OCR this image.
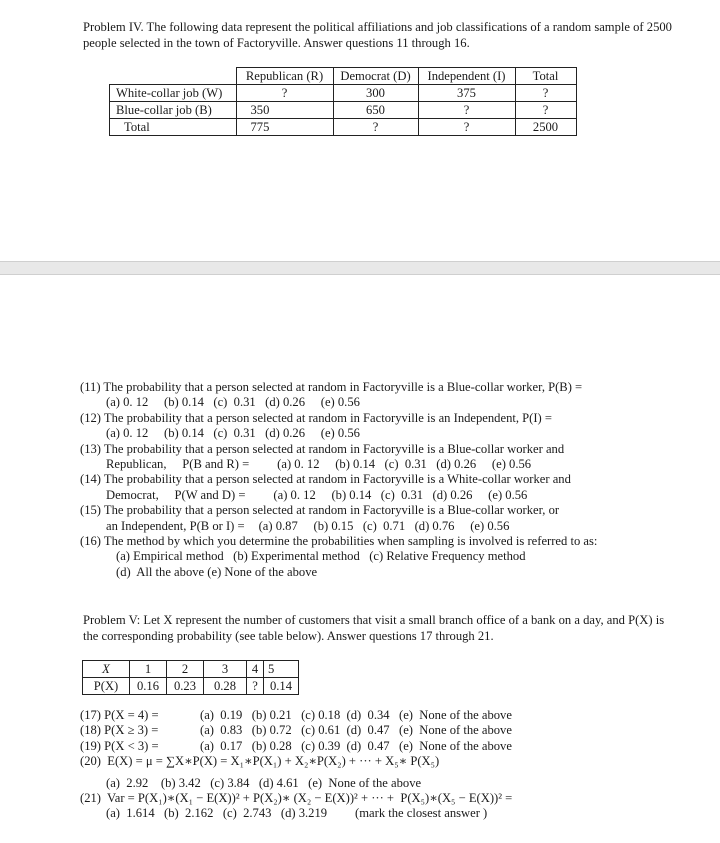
Problem IV. The following data represent the political affiliations and job classifications of a random sample of 2500 people selected in the town of Factoryville. Answer questions 11 through 16.
	Republican (R)	Democrat (D)	Independent (I)	Total
White-collar job (W)	?	300	375	?
Blue-collar job (B)	350	650	?	?
Total	775	?	?	2500
(11) The probability that a person selected at random in Factoryville is a Blue-collar worker, P(B) =
(a) 0. 12     (b) 0.14   (c)  0.31   (d) 0.26     (e) 0.56
(12) The probability that a person selected at random in Factoryville is an Independent, P(I) =
(a) 0. 12     (b) 0.14   (c)  0.31   (d) 0.26     (e) 0.56
(13) The probability that a person selected at random in Factoryville is a Blue-collar worker and
Republican,     P(B and R) = (a) 0. 12     (b) 0.14   (c)  0.31   (d) 0.26     (e) 0.56
(14) The probability that a person selected at random in Factoryville is a White-collar worker and
Democrat,     P(W and D) = (a) 0. 12     (b) 0.14   (c)  0.31   (d) 0.26     (e) 0.56
(15) The probability that a person selected at random in Factoryville is a Blue-collar worker, or
an Independent, P(B or I) = (a) 0.87     (b) 0.15   (c)  0.71   (d) 0.76     (e) 0.56
(16) The method by which you determine the probabilities when sampling is involved is referred to as:
(a) Empirical method   (b) Experimental method   (c) Relative Frequency method
(d)  All the above (e) None of the above
Problem V: Let X represent the number of customers that visit a small branch office of a bank on a day, and P(X) is the corresponding probability (see table below). Answer questions 17 through 21.
X	1	2	3	4	5
P(X)	0.16	0.23	0.28	?	0.14
(17) P(X = 4) =	(a)  0.19   (b) 0.21   (c) 0.18  (d)  0.34   (e)  None of the above
(18) P(X ≥ 3) =	(a)  0.83   (b) 0.72   (c) 0.61  (d)  0.47   (e)  None of the above
(19) P(X < 3) =	(a)  0.17   (b) 0.28   (c) 0.39  (d)  0.47   (e)  None of the above
(20)  E(X) = μ = ∑X∗P(X) = X₁∗P(X₁) + X₂∗P(X₂) + ··· + X₅∗ P(X₅)
(a)  2.92    (b) 3.42   (c) 3.84   (d) 4.61   (e)  None of the above
(21)  Var = P(X₁)∗(X₁ − E(X))² + P(X₂)∗ (X₂ − E(X))² + ··· +  P(X₅)∗(X₅ − E(X))² =
(a)  1.614   (b)  2.162   (c)  2.743   (d) 3.219 (mark the closest answer )
